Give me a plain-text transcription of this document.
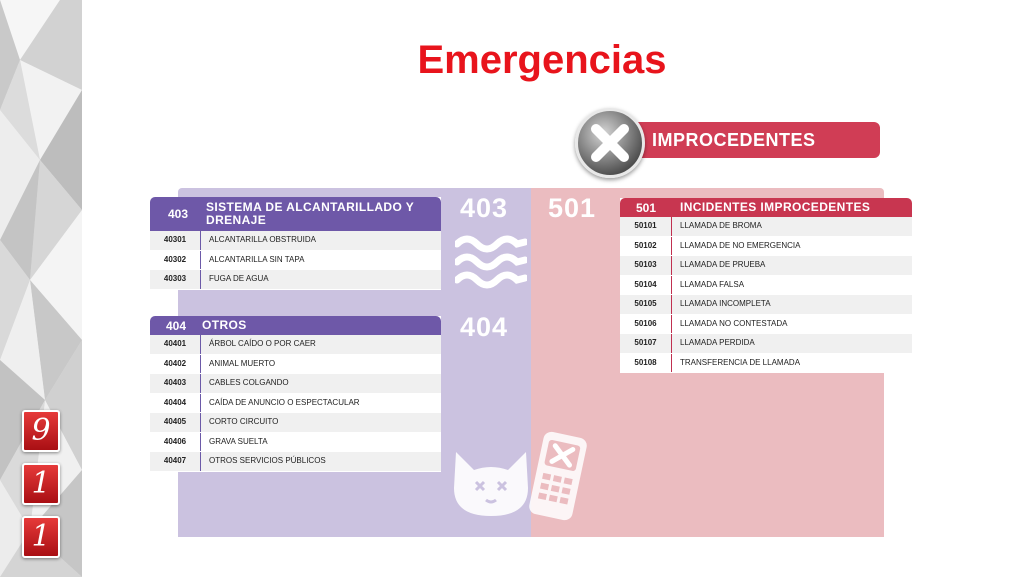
9
1
1
Emergencias
IMPROCEDENTES
403
404
501
403	SISTEMA DE ALCANTARILLADO Y DRENAJE
40301	ALCANTARILLA OBSTRUIDA
40302	ALCANTARILLA SIN TAPA
40303	FUGA DE AGUA
404	OTROS
40401	ÁRBOL CAÍDO O POR CAER
40402	ANIMAL MUERTO
40403	CABLES COLGANDO
40404	CAÍDA DE ANUNCIO O ESPECTACULAR
40405	CORTO CIRCUITO
40406	GRAVA SUELTA
40407	OTROS SERVICIOS PÚBLICOS
501	INCIDENTES IMPROCEDENTES
50101	LLAMADA DE BROMA
50102	LLAMADA DE NO EMERGENCIA
50103	LLAMADA DE PRUEBA
50104	LLAMADA FALSA
50105	LLAMADA INCOMPLETA
50106	LLAMADA NO CONTESTADA
50107	LLAMADA PERDIDA
50108	TRANSFERENCIA DE LLAMADA
